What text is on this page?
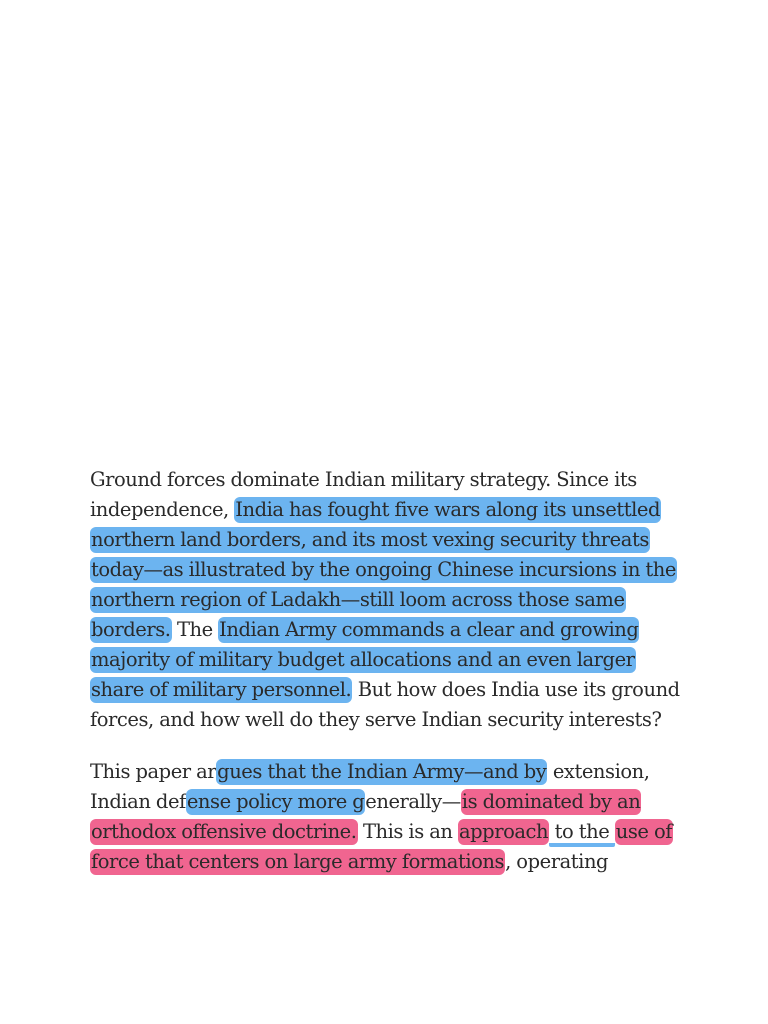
Ground forces dominate Indian military strategy. Since its independence, India has fought five wars along its unsettled northern land borders, and its most vexing security threats today—as illustrated by the ongoing Chinese incursions in the northern region of Ladakh—still loom across those same borders. The Indian Army commands a clear and growing majority of military budget allocations and an even larger share of military personnel. But how does India use its ground forces, and how well do they serve Indian security interests?

This paper argues that the Indian Army—and by extension, Indian defense policy more generally—is dominated by an orthodox offensive doctrine. This is an approach to the use of force that centers on large army formations, operating
